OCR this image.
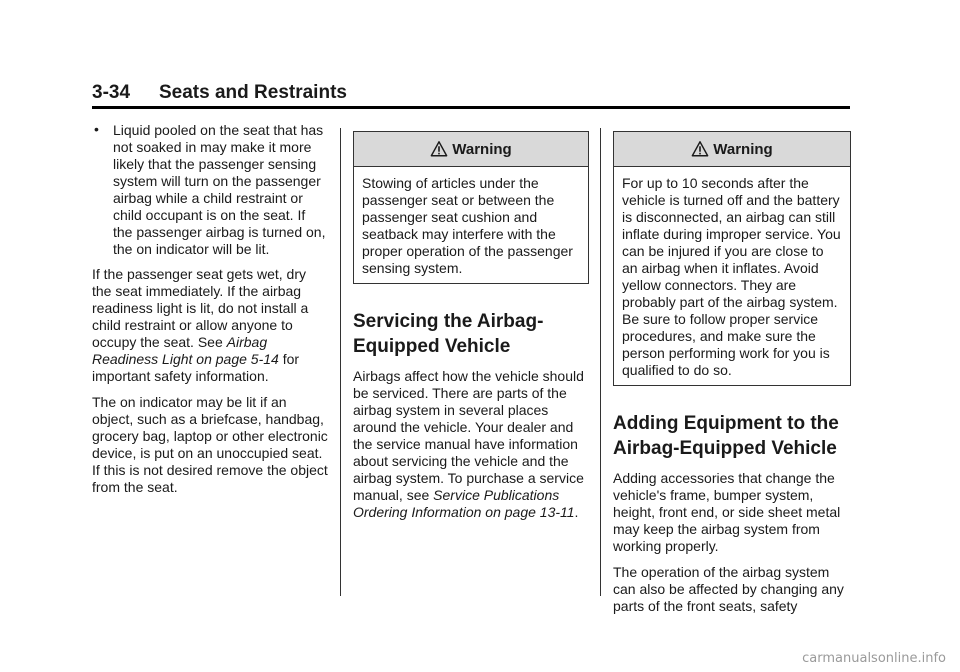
3-34 Seats and Restraints
• Liquid pooled on the seat that has not soaked in may make it more likely that the passenger sensing system will turn on the passenger airbag while a child restraint or child occupant is on the seat. If the passenger airbag is turned on, the on indicator will be lit.

If the passenger seat gets wet, dry the seat immediately. If the airbag readiness light is lit, do not install a child restraint or allow anyone to occupy the seat. See Airbag Readiness Light on page 5-14 for important safety information.

The on indicator may be lit if an object, such as a briefcase, handbag, grocery bag, laptop or other electronic device, is put on an unoccupied seat. If this is not desired remove the object from the seat.

Warning

Stowing of articles under the passenger seat or between the passenger seat cushion and seatback may interfere with the proper operation of the passenger sensing system.

Servicing the Airbag-Equipped Vehicle

Airbags affect how the vehicle should be serviced. There are parts of the airbag system in several places around the vehicle. Your dealer and the service manual have information about servicing the vehicle and the airbag system. To purchase a service manual, see Service Publications Ordering Information on page 13-11.

Warning

For up to 10 seconds after the vehicle is turned off and the battery is disconnected, an airbag can still inflate during improper service. You can be injured if you are close to an airbag when it inflates. Avoid yellow connectors. They are probably part of the airbag system. Be sure to follow proper service procedures, and make sure the person performing work for you is qualified to do so.

Adding Equipment to the Airbag-Equipped Vehicle

Adding accessories that change the vehicle's frame, bumper system, height, front end, or side sheet metal may keep the airbag system from working properly.

The operation of the airbag system can also be affected by changing any parts of the front seats, safety

carmanualsonline.info
